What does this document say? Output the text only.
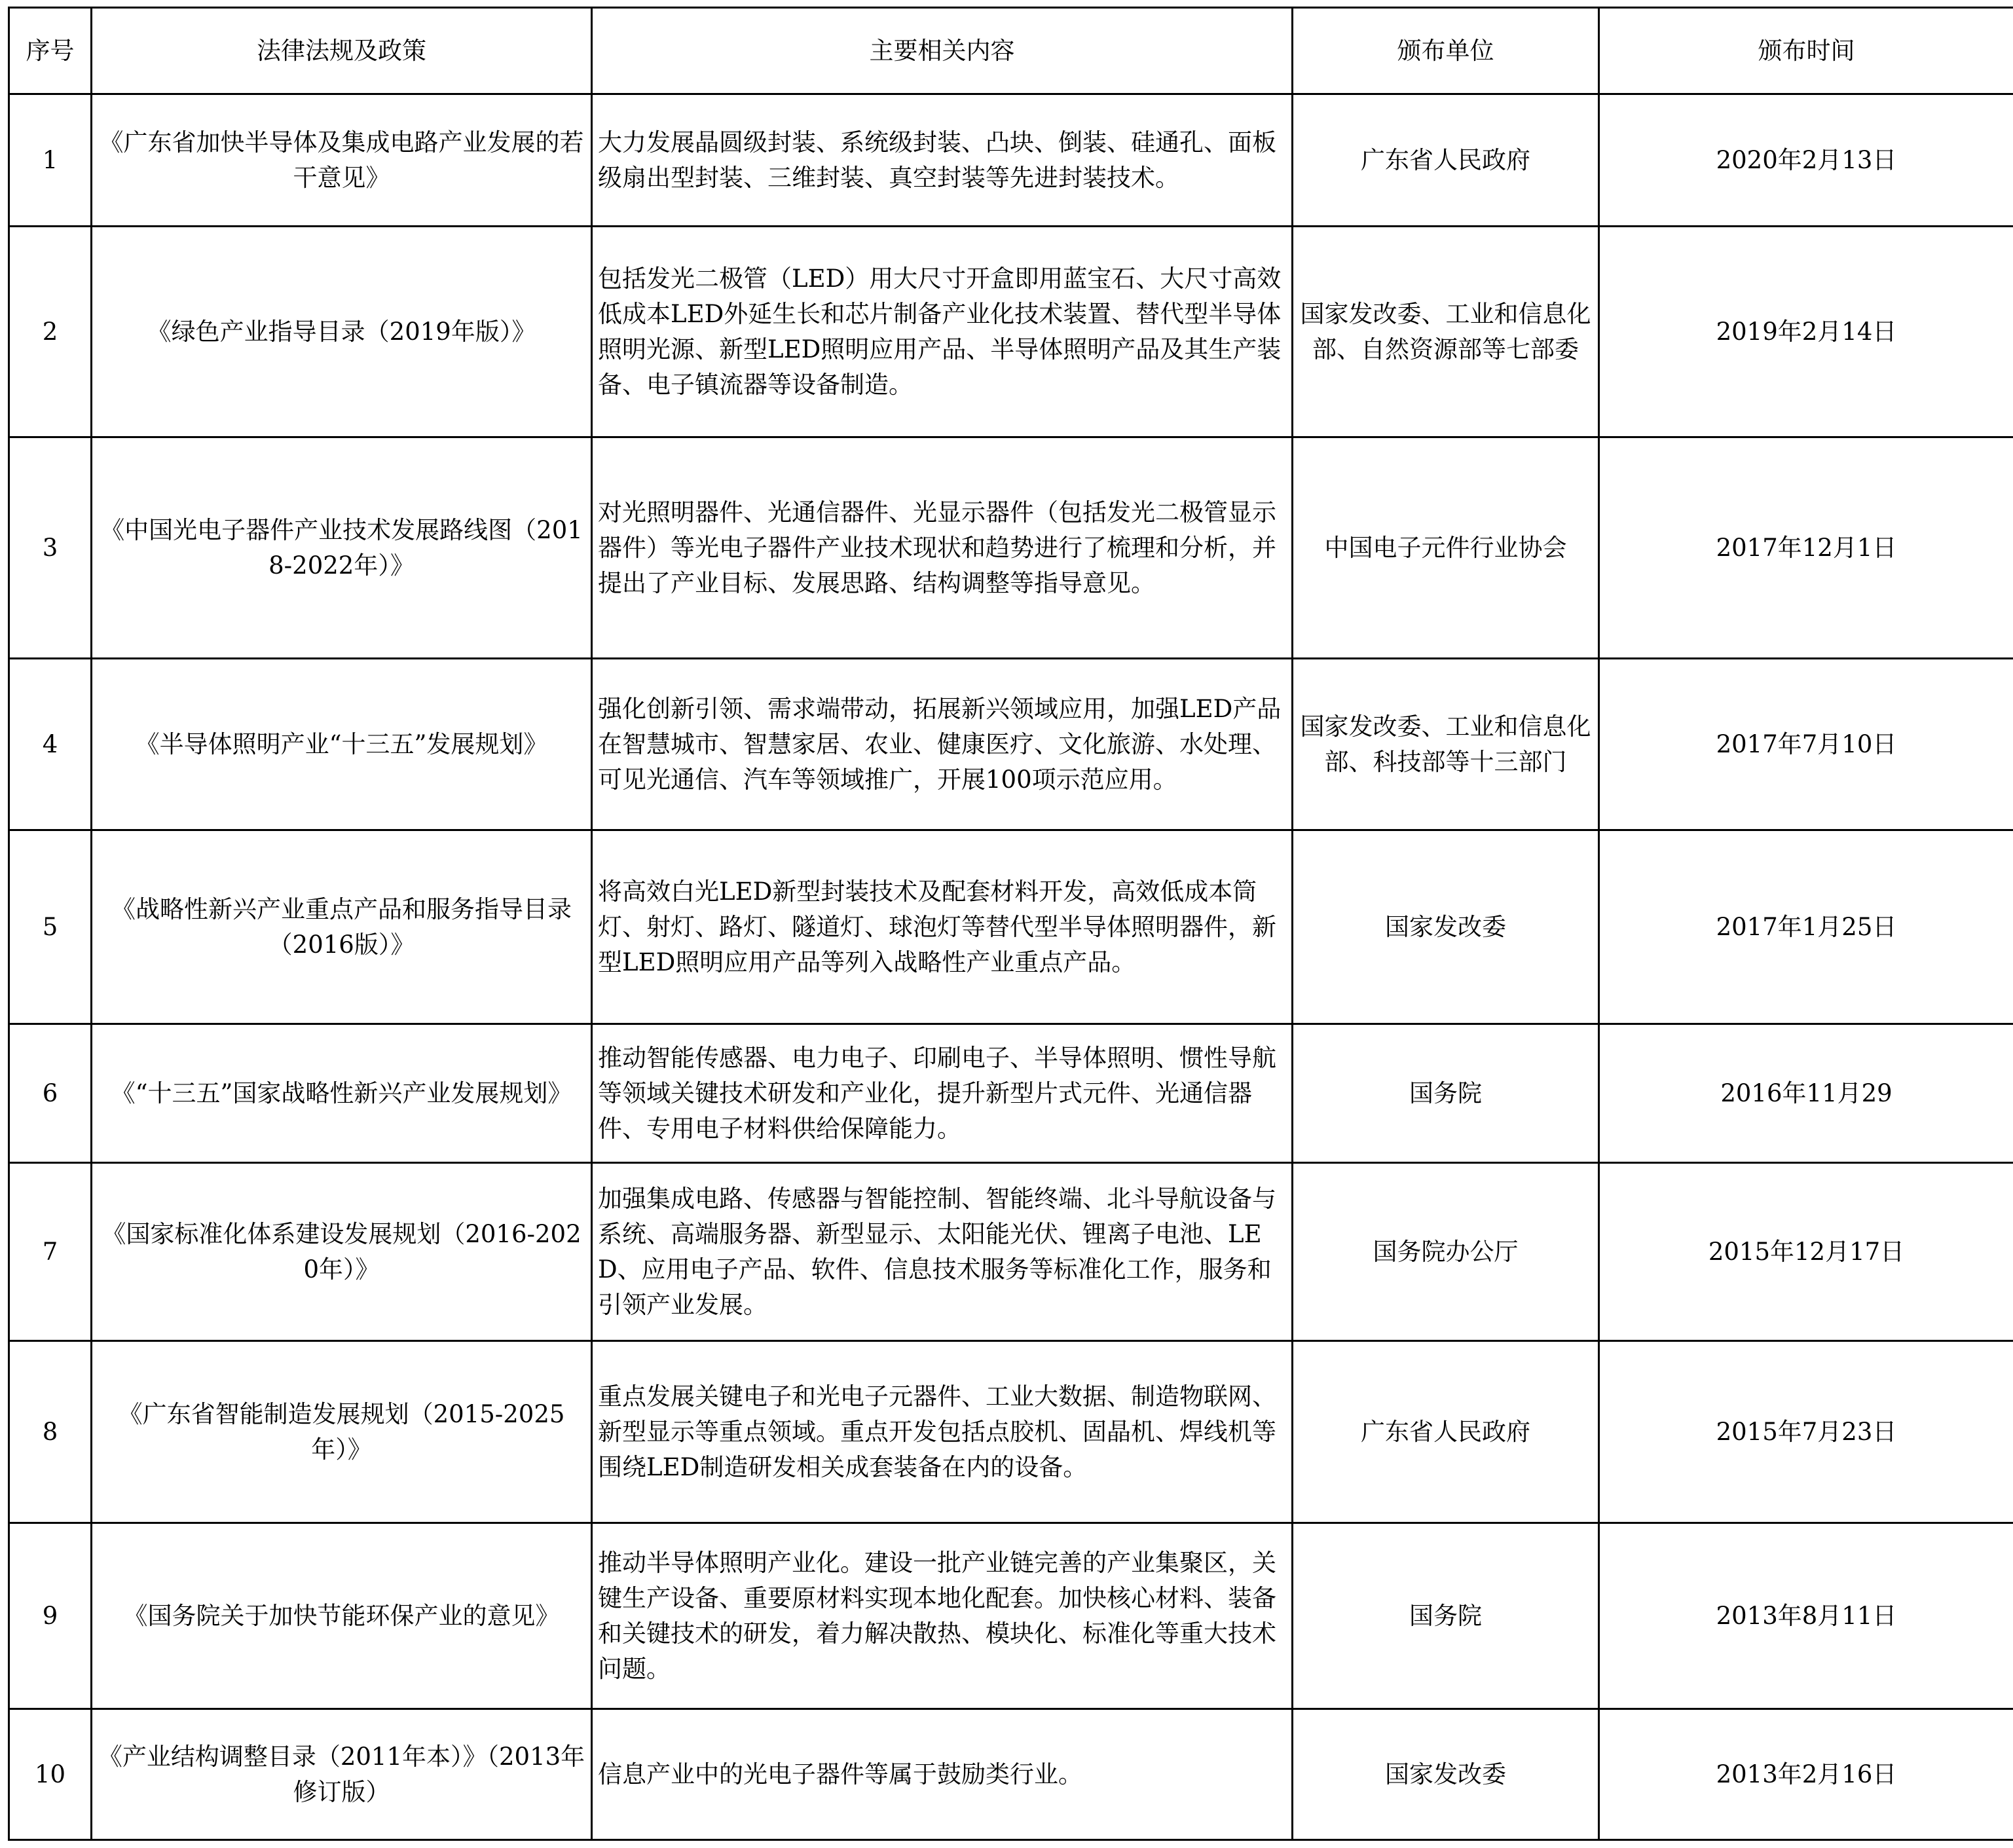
序号	法律法规及政策	主要相关内容	颁布单位	颁布时间
1	《广东省加快半导体及集成电路产业发展的若干意见》	大力发展晶圆级封装、系统级封装、凸块、倒装、硅通孔、面板级扇出型封装、三维封装、真空封装等先进封装技术。	广东省人民政府	2020年2月13日
2	《绿色产业指导目录（2019年版）》	包括发光二极管（LED）用大尺寸开盒即用蓝宝石、大尺寸高效低成本LED外延生长和芯片制备产业化技术装置、替代型半导体照明光源、新型LED照明应用产品、半导体照明产品及其生产装备、电子镇流器等设备制造。	国家发改委、工业和信息化部、自然资源部等七部委	2019年2月14日
3	《中国光电子器件产业技术发展路线图（2018-2022年）》	对光照明器件、光通信器件、光显示器件（包括发光二极管显示器件）等光电子器件产业技术现状和趋势进行了梳理和分析，并提出了产业目标、发展思路、结构调整等指导意见。	中国电子元件行业协会	2017年12月1日
4	《半导体照明产业“十三五”发展规划》	强化创新引领、需求端带动，拓展新兴领域应用，加强LED产品在智慧城市、智慧家居、农业、健康医疗、文化旅游、水处理、可见光通信、汽车等领域推广，开展100项示范应用。	国家发改委、工业和信息化部、科技部等十三部门	2017年7月10日
5	《战略性新兴产业重点产品和服务指导目录（2016版）》	将高效白光LED新型封装技术及配套材料开发，高效低成本筒灯、射灯、路灯、隧道灯、球泡灯等替代型半导体照明器件，新型LED照明应用产品等列入战略性产业重点产品。	国家发改委	2017年1月25日
6	《“十三五”国家战略性新兴产业发展规划》	推动智能传感器、电力电子、印刷电子、半导体照明、惯性导航等领域关键技术研发和产业化，提升新型片式元件、光通信器件、专用电子材料供给保障能力。	国务院	2016年11月29
7	《国家标准化体系建设发展规划（2016-2020年）》	加强集成电路、传感器与智能控制、智能终端、北斗导航设备与系统、高端服务器、新型显示、太阳能光伏、锂离子电池、LED、应用电子产品、软件、信息技术服务等标准化工作，服务和引领产业发展。	国务院办公厅	2015年12月17日
8	《广东省智能制造发展规划（2015-2025年）》	重点发展关键电子和光电子元器件、工业大数据、制造物联网、新型显示等重点领域。重点开发包括点胶机、固晶机、焊线机等围绕LED制造研发相关成套装备在内的设备。	广东省人民政府	2015年7月23日
9	《国务院关于加快节能环保产业的意见》	推动半导体照明产业化。建设一批产业链完善的产业集聚区，关键生产设备、重要原材料实现本地化配套。加快核心材料、装备和关键技术的研发，着力解决散热、模块化、标准化等重大技术问题。	国务院	2013年8月11日
10	《产业结构调整目录（2011年本）》（2013年修订版）	信息产业中的光电子器件等属于鼓励类行业。	国家发改委	2013年2月16日
